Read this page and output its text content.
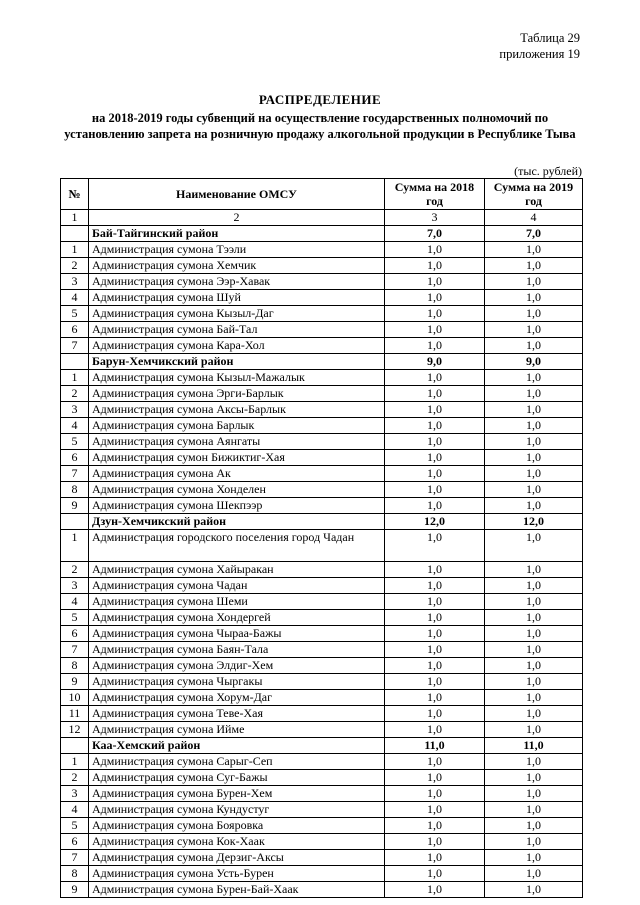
Таблица 29
приложения 19
РАСПРЕДЕЛЕНИЕ
на 2018-2019 годы субвенций на осуществление государственных полномочий по установлению запрета на розничную продажу алкогольной продукции в Республике Тыва
(тыс. рублей)
№	Наименование ОМСУ	Сумма на 2018 год	Сумма на 2019 год
1	2	3	4
	Бай-Тайгинский район	7,0	7,0
1	Администрация сумона Тээли	1,0	1,0
2	Администрация сумона Хемчик	1,0	1,0
3	Администрация сумона Ээр-Хавак	1,0	1,0
4	Администрация сумона Шуй	1,0	1,0
5	Администрация сумона Кызыл-Даг	1,0	1,0
6	Администрация сумона Бай-Тал	1,0	1,0
7	Администрация сумона Кара-Хол	1,0	1,0
	Барун-Хемчикский район	9,0	9,0
1	Администрация сумона Кызыл-Мажалык	1,0	1,0
2	Администрация сумона Эрги-Барлык	1,0	1,0
3	Администрация сумона Аксы-Барлык	1,0	1,0
4	Администрация сумона Барлык	1,0	1,0
5	Администрация сумона Аянгаты	1,0	1,0
6	Администрация сумон Бижиктиг-Хая	1,0	1,0
7	Администрация сумона Ак	1,0	1,0
8	Администрация сумона Хонделен	1,0	1,0
9	Администрация сумона Шекпээр	1,0	1,0
	Дзун-Хемчикский район	12,0	12,0
1	Администрация городского поселения город Чадан	1,0	1,0
2	Администрация сумона Хайыракан	1,0	1,0
3	Администрация сумона Чадан	1,0	1,0
4	Администрация сумона Шеми	1,0	1,0
5	Администрация сумона Хондергей	1,0	1,0
6	Администрация сумона Чыраа-Бажы	1,0	1,0
7	Администрация сумона Баян-Тала	1,0	1,0
8	Администрация сумона Элдиг-Хем	1,0	1,0
9	Администрация сумона Чыргакы	1,0	1,0
10	Администрация сумона Хорум-Даг	1,0	1,0
11	Администрация сумона Теве-Хая	1,0	1,0
12	Администрация сумона Ийме	1,0	1,0
	Каа-Хемский район	11,0	11,0
1	Администрация сумона Сарыг-Сеп	1,0	1,0
2	Администрация сумона Суг-Бажы	1,0	1,0
3	Администрация сумона Бурен-Хем	1,0	1,0
4	Администрация сумона Кундустуг	1,0	1,0
5	Администрация сумона Бояровка	1,0	1,0
6	Администрация сумона Кок-Хаак	1,0	1,0
7	Администрация сумона Дерзиг-Аксы	1,0	1,0
8	Администрация сумона Усть-Бурен	1,0	1,0
9	Администрация сумона Бурен-Бай-Хаак	1,0	1,0
